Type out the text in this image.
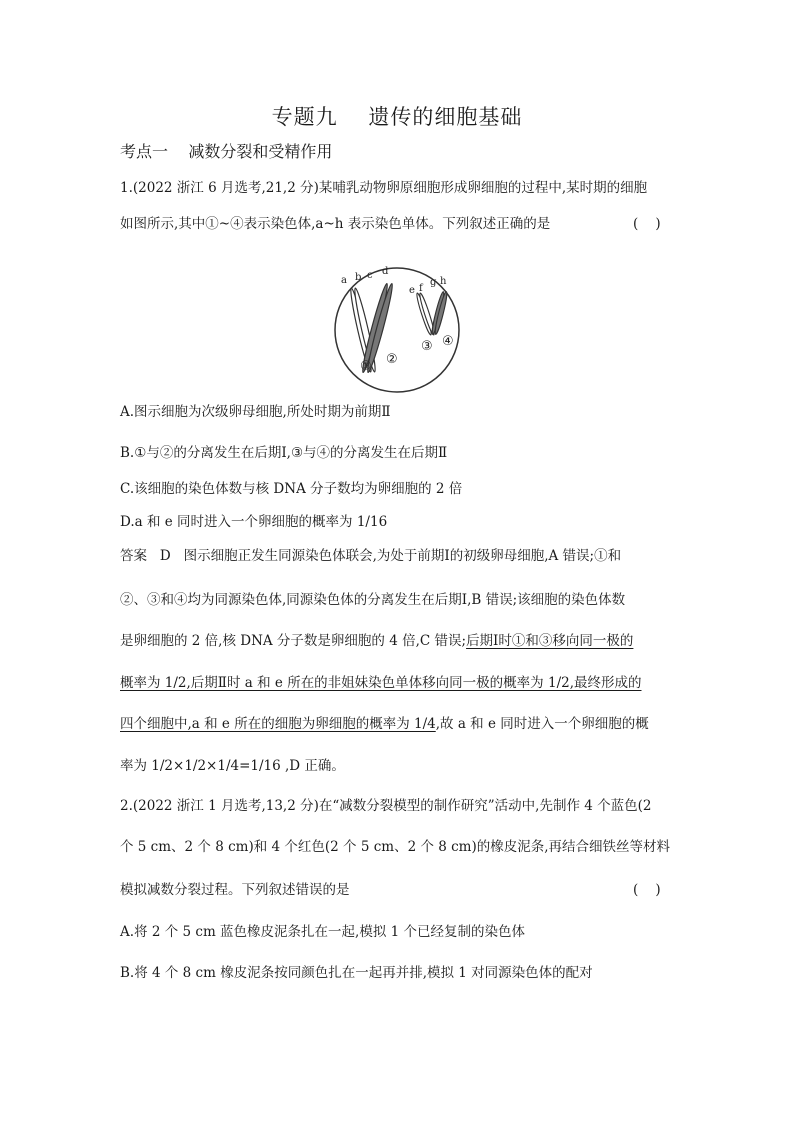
专题九    遗传的细胞基础
考点一    减数分裂和受精作用
1.(2022 浙江 6 月选考,21,2 分)某哺乳动物卵原细胞形成卵细胞的过程中,某时期的细胞
如图所示,其中①~④表示染色体,a~h 表示染色单体。下列叙述正确的是	(    )
a b c d
e f
g h
① ②
③ ④
A.图示细胞为次级卵母细胞,所处时期为前期Ⅱ
B.①与②的分离发生在后期Ⅰ,③与④的分离发生在后期Ⅱ
C.该细胞的染色体数与核 DNA 分子数均为卵细胞的 2 倍
D.a 和 e 同时进入一个卵细胞的概率为 1/16
答案 D 图示细胞正发生同源染色体联会,为处于前期Ⅰ的初级卵母细胞,A 错误;①和
②、③和④均为同源染色体,同源染色体的分离发生在后期Ⅰ,B 错误;该细胞的染色体数
是卵细胞的 2 倍,核 DNA 分子数是卵细胞的 4 倍,C 错误;后期Ⅰ时①和③移向同一极的
概率为 1/2,后期Ⅱ时 a 和 e 所在的非姐妹染色单体移向同一极的概率为 1/2,最终形成的
四个细胞中,a 和 e 所在的细胞为卵细胞的概率为 1/4,故 a 和 e 同时进入一个卵细胞的概
率为 1/2×1/2×1/4=1/16 ,D 正确。
2.(2022 浙江 1 月选考,13,2 分)在“减数分裂模型的制作研究”活动中,先制作 4 个蓝色(2
个 5 cm、2 个 8 cm)和 4 个红色(2 个 5 cm、2 个 8 cm)的橡皮泥条,再结合细铁丝等材料
模拟减数分裂过程。下列叙述错误的是	(    )
A.将 2 个 5 cm 蓝色橡皮泥条扎在一起,模拟 1 个已经复制的染色体
B.将 4 个 8 cm 橡皮泥条按同颜色扎在一起再并排,模拟 1 对同源染色体的配对
